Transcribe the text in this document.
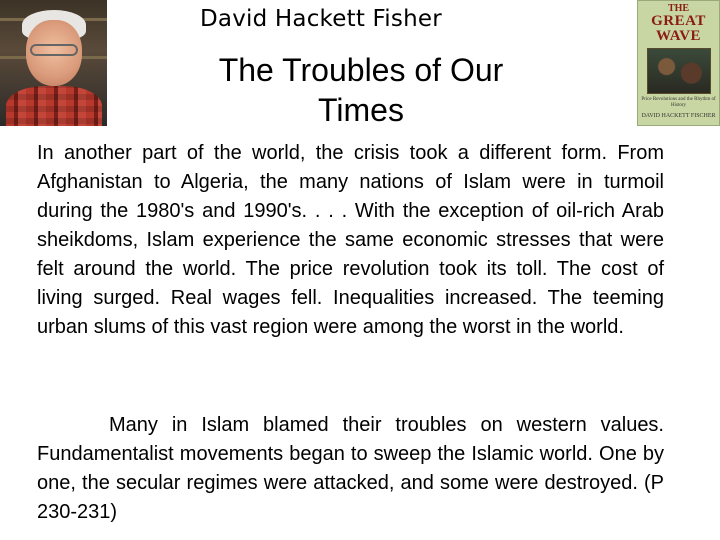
David Hackett Fisher
The Troubles of Our
Times
THE
GREAT
WAVE
Price Revolutions and the Rhythm of History
DAVID HACKETT FISCHER

In another part of the world, the crisis took a different form. From Afghanistan to Algeria, the many nations of Islam were in turmoil during the 1980's and 1990's. . . . With the exception of oil-rich Arab sheikdoms, Islam experience the same economic stresses that were felt around the world. The price revolution took its toll. The cost of living surged. Real wages fell. Inequalities increased. The teeming urban slums of this vast region were among the worst in the world.

Many in Islam blamed their troubles on western values. Fundamentalist movements began to sweep the Islamic world. One by one, the secular regimes were attacked, and some were destroyed. (P 230-231)
